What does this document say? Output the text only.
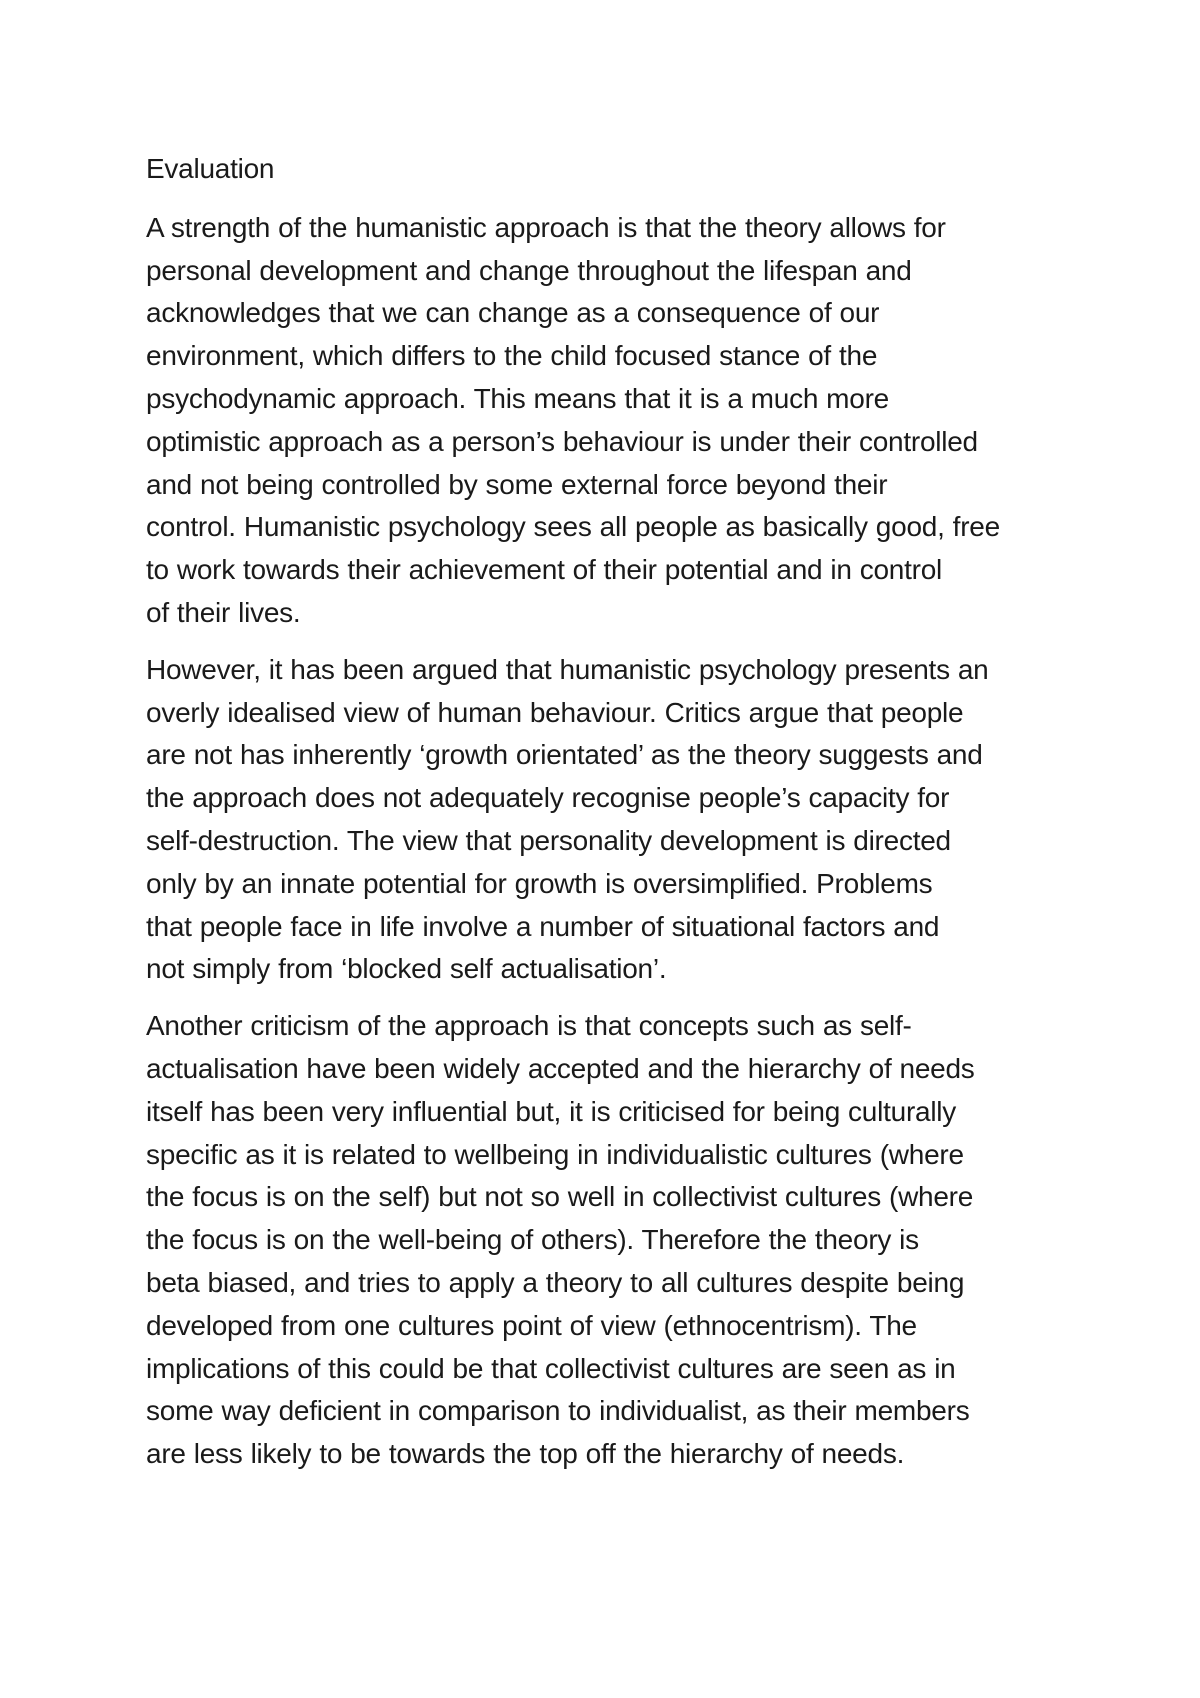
Evaluation
A strength of the humanistic approach is that the theory allows for
personal development and change throughout the lifespan and
acknowledges that we can change as a consequence of our
environment, which differs to the child focused stance of the
psychodynamic approach. This means that it is a much more
optimistic approach as a person’s behaviour is under their controlled
and not being controlled by some external force beyond their
control. Humanistic psychology sees all people as basically good, free
to work towards their achievement of their potential and in control
of their lives.
However, it has been argued that humanistic psychology presents an
overly idealised view of human behaviour. Critics argue that people
are not has inherently ‘growth orientated’ as the theory suggests and
the approach does not adequately recognise people’s capacity for
self-destruction. The view that personality development is directed
only by an innate potential for growth is oversimplified. Problems
that people face in life involve a number of situational factors and
not simply from ‘blocked self actualisation’.
Another criticism of the approach is that concepts such as self-
actualisation have been widely accepted and the hierarchy of needs
itself has been very influential but, it is criticised for being culturally
specific as it is related to wellbeing in individualistic cultures (where
the focus is on the self) but not so well in collectivist cultures (where
the focus is on the well-being of others). Therefore the theory is
beta biased, and tries to apply a theory to all cultures despite being
developed from one cultures point of view (ethnocentrism). The
implications of this could be that collectivist cultures are seen as in
some way deficient in comparison to individualist, as their members
are less likely to be towards the top off the hierarchy of needs.
